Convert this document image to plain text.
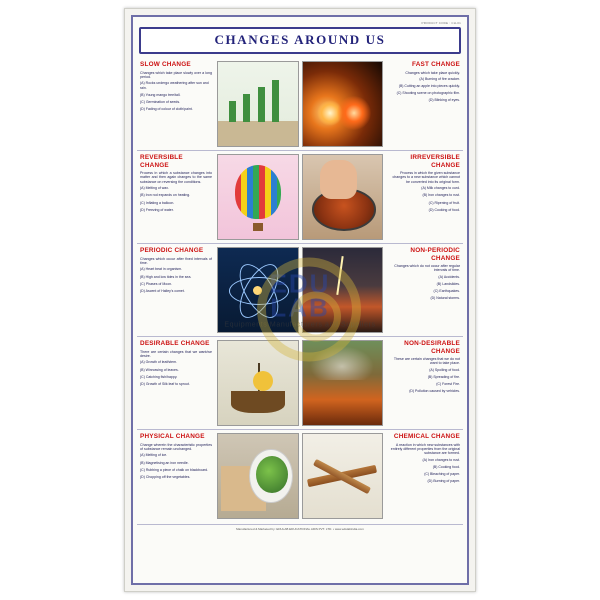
PRODUCT CODE : CH-01
CHANGES AROUND US
SLOW CHANGE
Changes which take place slowly over a long period.
(A) Rocks undergo weathering after sun and rain.
(B) Young mango tree/tall.
(C) Germination of seeds.
(D) Fading of colour of cloth/paint.
FAST CHANGE
Changes which take place quickly.
(A) Burning of fire cracker.
(B) Cutting an apple into pieces quickly.
(C) Shooting scene on photographic film.
(D) Blinking of eyes.
REVERSIBLE CHANGE
Process in which a substance changes into matter and then again changes to the same substance on reversing the conditions.
(A) Melting of wax.
(B) Iron rod expands on heating.
(C) Inflating a balloon.
(D) Freezing of water.
IRREVERSIBLE CHANGE
Process in which the given substance changes to a new substance which cannot be converted into its original form.
(A) Milk changes to curd.
(B) Iron changes to rust.
(C) Ripening of fruit.
(D) Cooking of food.
PERIODIC CHANGE
Changes which occur after fixed intervals of time.
(A) Heart beat in organism.
(B) High and low tides in the sea.
(C) Phases of Moon.
(D) Ascent of Halley's comet.
NON-PERIODIC CHANGE
Changes which do not occur after regular intervals of time.
(A) Accidents.
(B) Landslides.
(C) Earthquakes.
(D) Natural storms.
DESIRABLE CHANGE
There are certain changes that we want/we desire.
(A) Growth of leaf/stem.
(B) Winnowing of leaves.
(C) Catching fish/happy.
(D) Growth of Silk leaf to sprout.
NON-DESIRABLE CHANGE
These are certain changes that we do not want to take place.
(A) Spoiling of food.
(B) Spreading of fire.
(C) Forest Fire.
(D) Pollution caused by vehicles.
PHYSICAL CHANGE
Change wherein the characteristic properties of substance remain unchanged.
(A) Melting of ice.
(B) Magnetising an iron needle.
(C) Rubbing a piece of chalk on blackboard.
(D) Chopping off the vegetables.
CHEMICAL CHANGE
A reaction in which new substances with entirely different properties from the original substance are formed.
(A) Iron changes to rust.
(B) Cooking food.
(C) Bleaching of paper.
(D) Burning of paper.
Manufactured & Marketed by: EDULAB EDUCATIONAL AIDS PVT. LTD. • www.edulabindia.com
EDU
LAB
Equipments Manufacturers and Suppliers
